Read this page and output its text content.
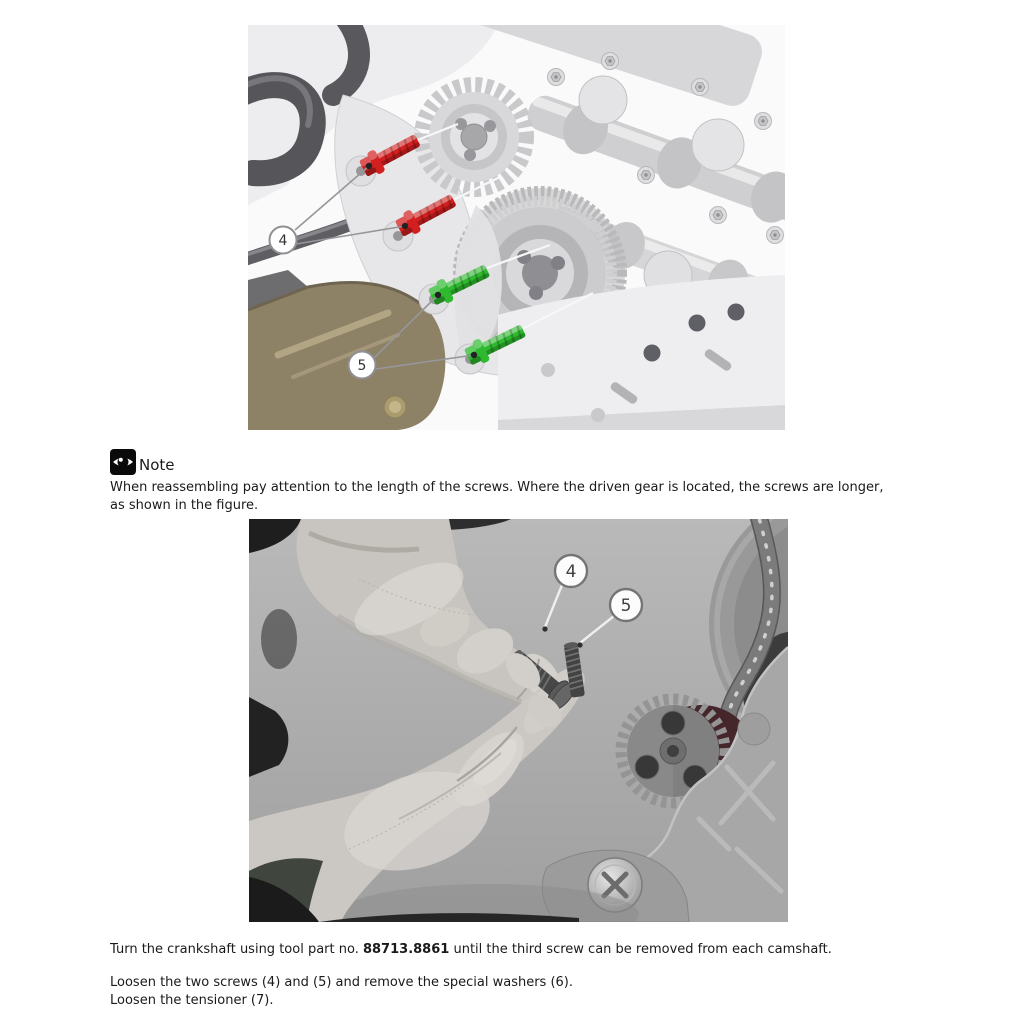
4
5
Note
When reassembling pay attention to the length of the screws. Where the driven gear is located, the screws are longer,
as shown in the figure.
4
5
Turn the crankshaft using tool part no. 88713.8861 until the third screw can be removed from each camshaft.
Loosen the two screws (4) and (5) and remove the special washers (6).
Loosen the tensioner (7).
